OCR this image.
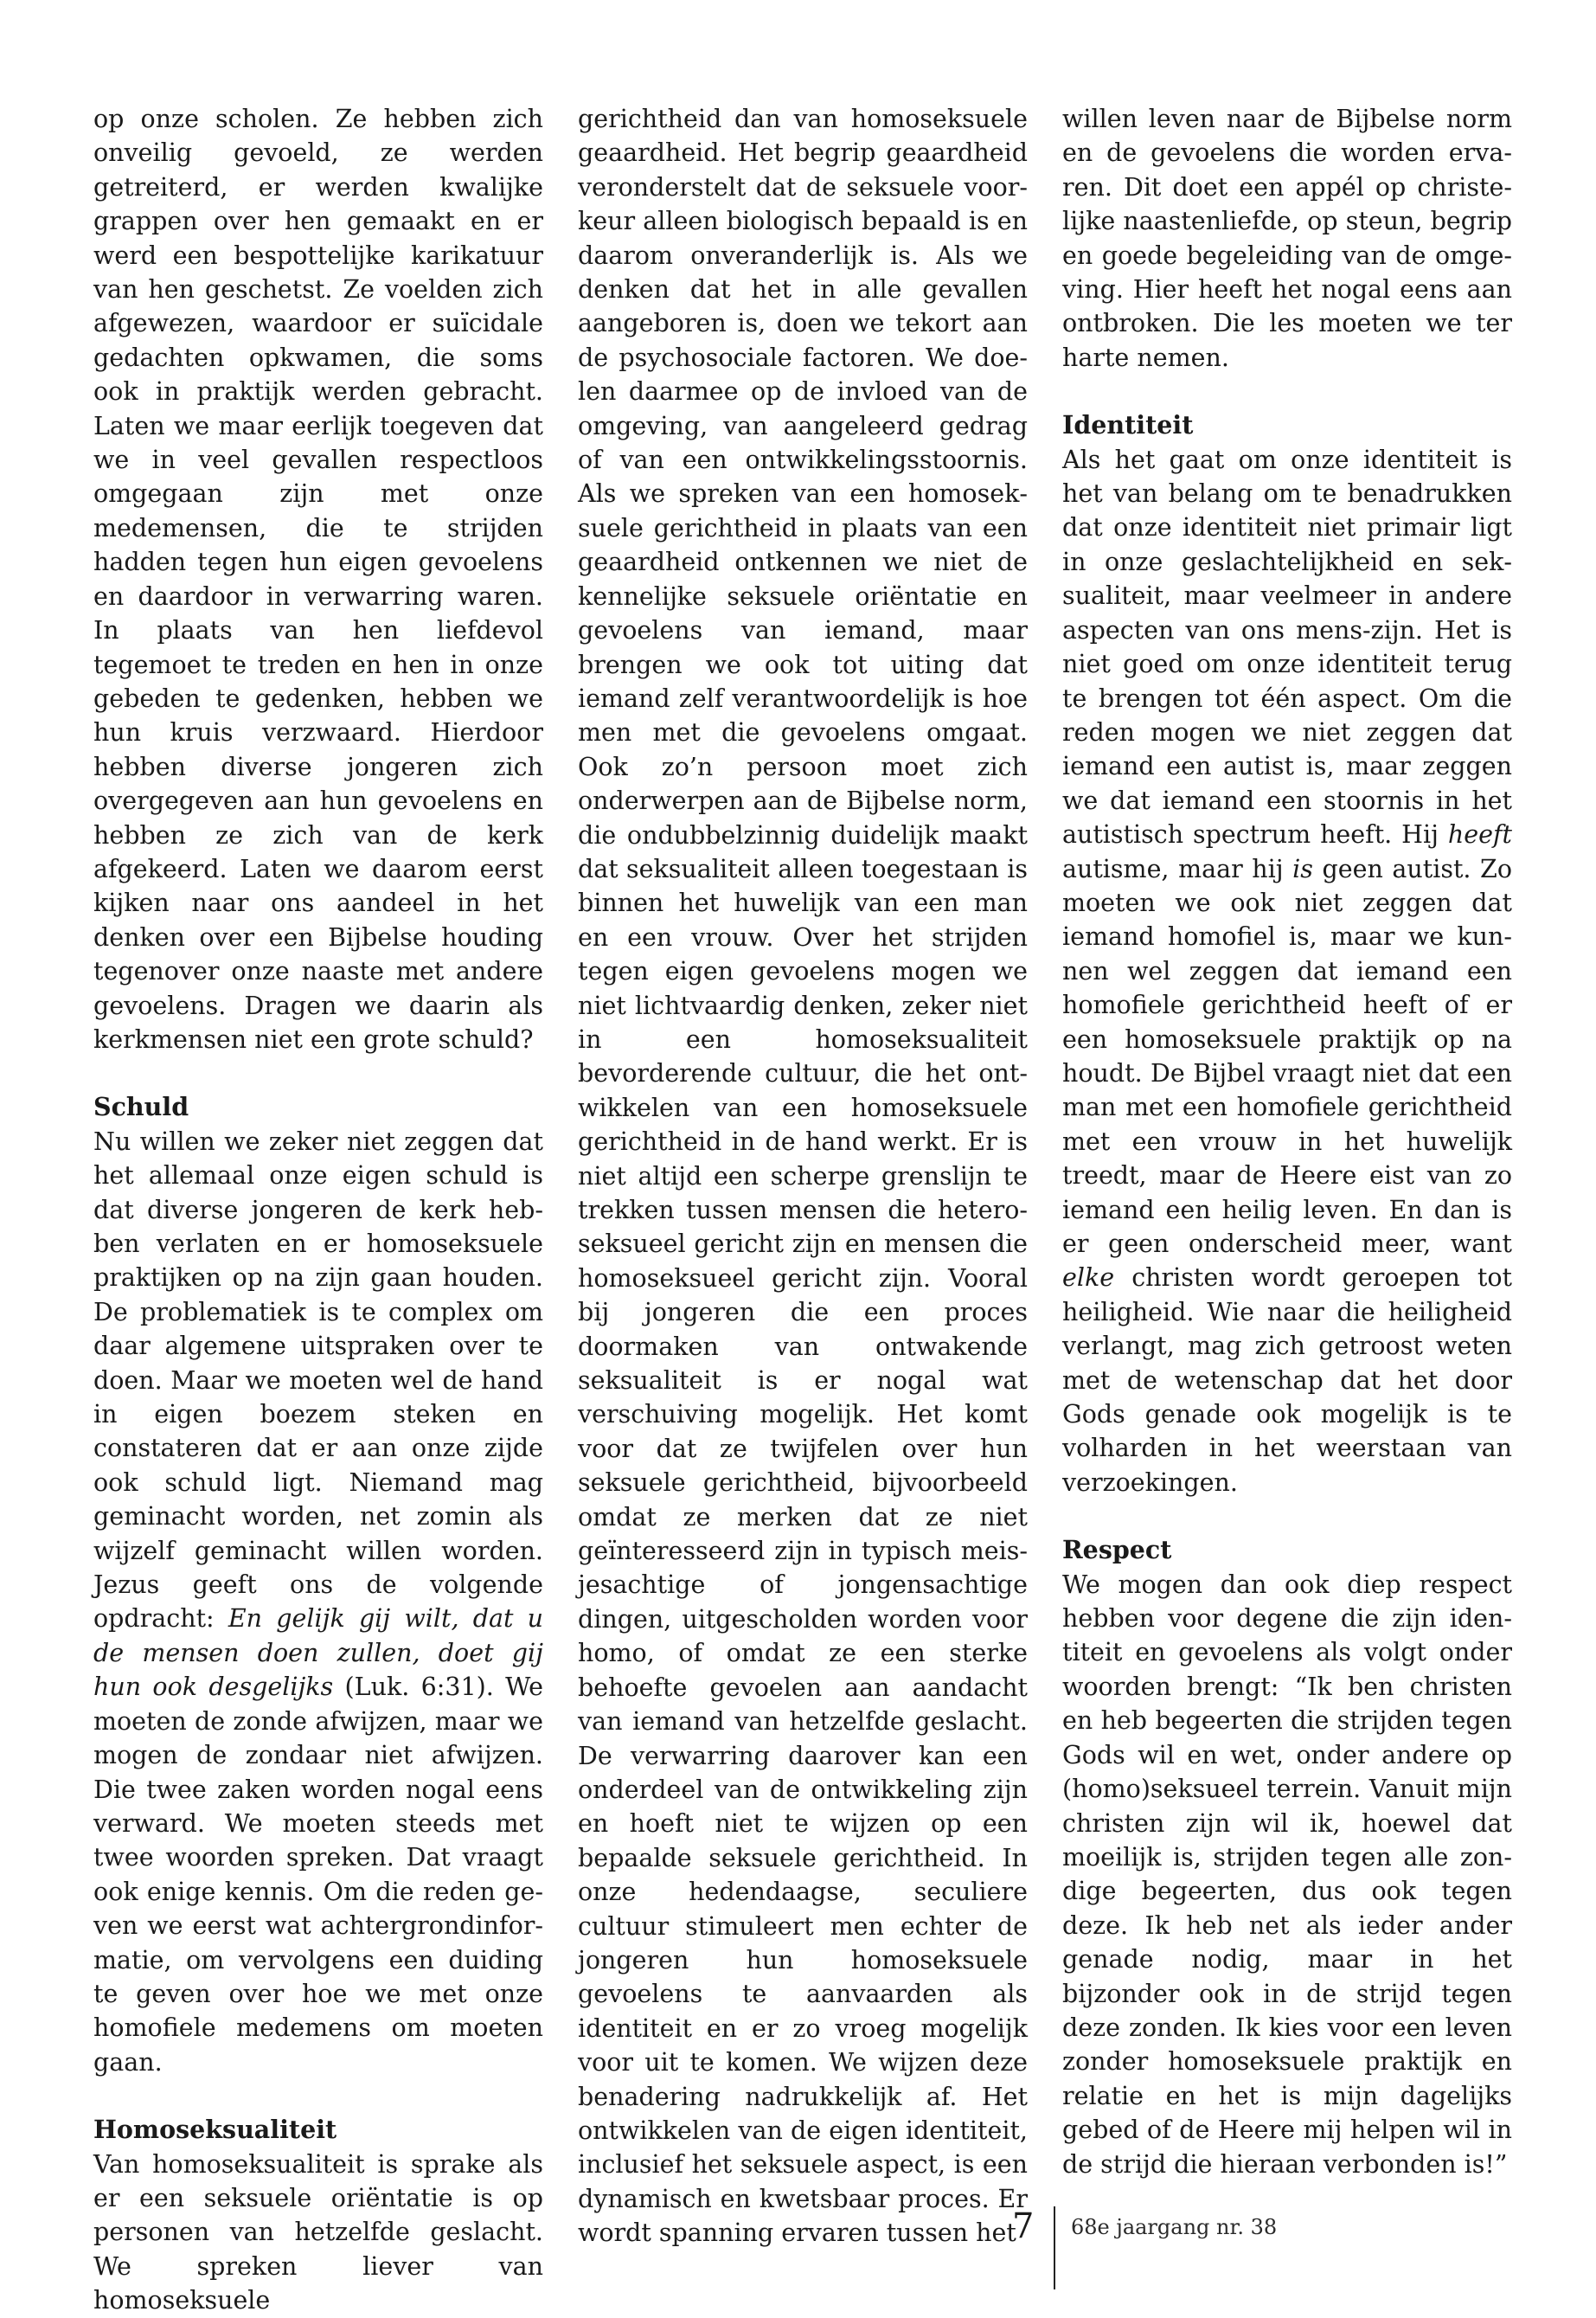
op onze scholen. Ze hebben zich onveilig gevoeld, ze werden getreiterd, er werden kwalijke grappen over hen gemaakt en er werd een bespottelijke karikatuur van hen geschetst. Ze voelden zich afgewezen, waardoor er suïcidale gedachten opkwamen, die soms ook in praktijk werden gebracht. Laten we maar eerlijk toegeven dat we in veel gevallen respectloos omgegaan zijn met onze medemensen, die te strijden hadden tegen hun eigen gevoelens en daardoor in verwarring waren. In plaats van hen liefdevol tegemoet te treden en hen in onze gebeden te gedenken, hebben we hun kruis verzwaard. Hierdoor hebben diverse jongeren zich overgegeven aan hun gevoelens en hebben ze zich van de kerk afgekeerd. Laten we daarom eerst kijken naar ons aandeel in het denken over een Bijbelse houding tegenover onze naaste met andere gevoelens. Dragen we daarin als kerkmensen niet een grote schuld?

Schuld

Nu willen we zeker niet zeggen dat het allemaal onze eigen schuld is dat diverse jongeren de kerk hebben verlaten en er homoseksuele praktijken op na zijn gaan houden. De problematiek is te complex om daar algemene uitspraken over te doen. Maar we moeten wel de hand in eigen boezem steken en constateren dat er aan onze zijde ook schuld ligt. Niemand mag geminacht worden, net zomin als wijzelf geminacht willen worden. Jezus geeft ons de volgende opdracht: En gelijk gij wilt, dat u de mensen doen zullen, doet gij hun ook desgelijks (Luk. 6:31). We moeten de zonde afwijzen, maar we mogen de zondaar niet afwijzen. Die twee zaken worden nogal eens verward. We moeten steeds met twee woorden spreken. Dat vraagt ook enige kennis. Om die reden geven we eerst wat achtergrondinformatie, om vervolgens een duiding te geven over hoe we met onze homofiele medemens om moeten gaan.

Homoseksualiteit

Van homoseksualiteit is sprake als er een seksuele oriëntatie is op personen van hetzelfde geslacht. We spreken liever van homoseksuele

gerichtheid dan van homoseksuele geaardheid. Het begrip geaardheid veronderstelt dat de seksuele voorkeur alleen biologisch bepaald is en daarom onveranderlijk is. Als we denken dat het in alle gevallen aangeboren is, doen we tekort aan de psychosociale factoren. We doelen daarmee op de invloed van de omgeving, van aangeleerd gedrag of van een ontwikkelingsstoornis. Als we spreken van een homoseksuele gerichtheid in plaats van een geaardheid ontkennen we niet de kennelijke seksuele oriëntatie en gevoelens van iemand, maar brengen we ook tot uiting dat iemand zelf verantwoordelijk is hoe men met die gevoelens omgaat. Ook zo’n persoon moet zich onderwerpen aan de Bijbelse norm, die ondubbelzinnig duidelijk maakt dat seksualiteit alleen toegestaan is binnen het huwelijk van een man en een vrouw. Over het strijden tegen eigen gevoelens mogen we niet lichtvaardig denken, zeker niet in een homoseksualiteit bevorderende cultuur, die het ontwikkelen van een homoseksuele gerichtheid in de hand werkt. Er is niet altijd een scherpe grenslijn te trekken tussen mensen die heteroseksueel gericht zijn en mensen die homoseksueel gericht zijn. Vooral bij jongeren die een proces doormaken van ontwakende seksualiteit is er nogal wat verschuiving mogelijk. Het komt voor dat ze twijfelen over hun seksuele gerichtheid, bijvoorbeeld omdat ze merken dat ze niet geïnteresseerd zijn in typisch meisjesachtige of jongensachtige dingen, uitgescholden worden voor homo, of omdat ze een sterke behoefte gevoelen aan aandacht van iemand van hetzelfde geslacht. De verwarring daarover kan een onderdeel van de ontwikkeling zijn en hoeft niet te wijzen op een bepaalde seksuele gerichtheid. In onze hedendaagse, seculiere cultuur stimuleert men echter de jongeren hun homoseksuele gevoelens te aanvaarden als identiteit en er zo vroeg mogelijk voor uit te komen. We wijzen deze benadering nadrukkelijk af. Het ontwikkelen van de eigen identiteit, inclusief het seksuele aspect, is een dynamisch en kwetsbaar proces. Er wordt spanning ervaren tussen het

willen leven naar de Bijbelse norm en de gevoelens die worden ervaren. Dit doet een appél op christelijke naastenliefde, op steun, begrip en goede begeleiding van de omgeving. Hier heeft het nogal eens aan ontbroken. Die les moeten we ter harte nemen.

Identiteit

Als het gaat om onze identiteit is het van belang om te benadrukken dat onze identiteit niet primair ligt in onze geslachtelijkheid en seksualiteit, maar veelmeer in andere aspecten van ons mens-zijn. Het is niet goed om onze identiteit terug te brengen tot één aspect. Om die reden mogen we niet zeggen dat iemand een autist is, maar zeggen we dat iemand een stoornis in het autistisch spectrum heeft. Hij heeft autisme, maar hij is geen autist. Zo moeten we ook niet zeggen dat iemand homofiel is, maar we kunnen wel zeggen dat iemand een homofiele gerichtheid heeft of er een homoseksuele praktijk op na houdt. De Bijbel vraagt niet dat een man met een homofiele gerichtheid met een vrouw in het huwelijk treedt, maar de Heere eist van zo iemand een heilig leven. En dan is er geen onderscheid meer, want elke christen wordt geroepen tot heiligheid. Wie naar die heiligheid verlangt, mag zich getroost weten met de wetenschap dat het door Gods genade ook mogelijk is te volharden in het weerstaan van verzoekingen.

Respect

We mogen dan ook diep respect hebben voor degene die zijn identiteit en gevoelens als volgt onder woorden brengt: “Ik ben christen en heb begeerten die strijden tegen Gods wil en wet, onder andere op (homo)seksueel terrein. Vanuit mijn christen zijn wil ik, hoewel dat moeilijk is, strijden tegen alle zondige begeerten, dus ook tegen deze. Ik heb net als ieder ander genade nodig, maar in het bijzonder ook in de strijd tegen deze zonden. Ik kies voor een leven zonder homoseksuele praktijk en relatie en het is mijn dagelijks gebed of de Heere mij helpen wil in de strijd die hieraan verbonden is!”

7 68e jaargang nr. 38
